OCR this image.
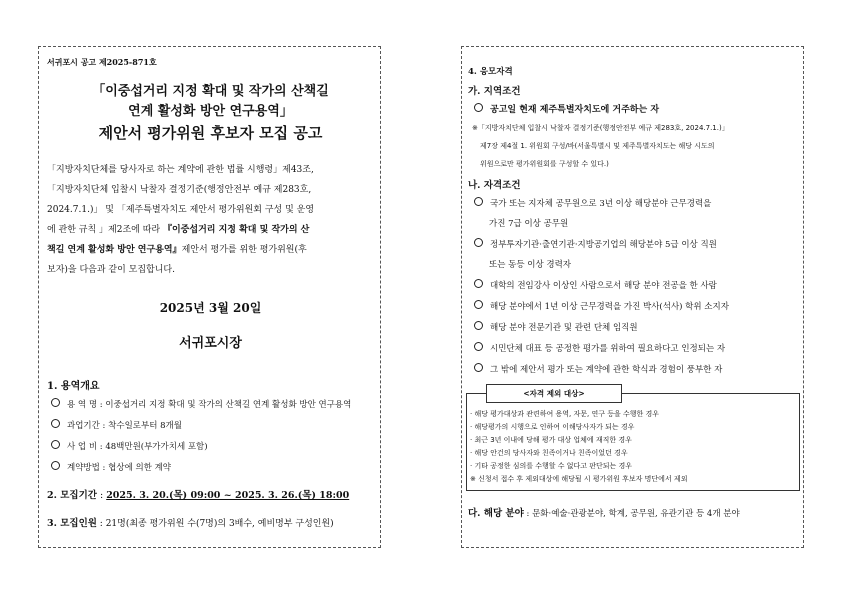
서귀포시 공고 제2025-871호
「이중섭거리 지정 확대 및 작가의 산책길
연계 활성화 방안 연구용역」
제안서 평가위원 후보자 모집 공고
「지방자치단체를 당사자로 하는 계약에 관한 법률 시행령」제43조,
「지방자치단체 입찰시 낙찰자 결정기준(행정안전부 예규 제283호,
2024.7.1.)」 및 「제주특별자치도 제안서 평가위원회 구성 및 운영
에 관한 규칙 」제2조에 따라 『이중섭거리 지정 확대 및 작가의 산
책길 연계 활성화 방안 연구용역』제안서 평가를 위한 평가위원(후
보자)을 다음과 같이 모집합니다.
2025년 3월 20일
서귀포시장
1. 용역개요
용 역 명 : 이중섭거리 지정 확대 및 작가의 산책길 연계 활성화 방안 연구용역
과업기간 : 착수일로부터 8개월
사 업 비 : 48백만원(부가가치세 포함)
계약방법 : 협상에 의한 계약
2. 모집기간 : 2025. 3. 20.(목) 09:00 ~ 2025. 3. 26.(목) 18:00
3. 모집인원 : 21명(최종 평가위원 수(7명)의 3배수, 예비명부 구성인원)
4. 응모자격
가. 지역조건
공고일 현재 제주특별자치도에 거주하는 자
※「지방자치단체 입찰시 낙찰자 결정기준(행정안전부 예규 제283호, 2024.7.1.)」
제7장 제4절 1. 위원회 구성/바(서울특별시 및 제주특별자치도는 해당 시도의
위원으로만 평가위원회를 구성할 수 있다.)
나. 자격조건
국가 또는 지자체 공무원으로 3년 이상 해당분야 근무경력을
가진 7급 이상 공무원
정부투자기관·출연기관·지방공기업의 해당분야 5급 이상 직원
또는 동등 이상 경력자
대학의 전임강사 이상인 사람으로서 해당 분야 전공을 한 사람
해당 분야에서 1년 이상 근무경력을 가진 박사(석사) 학위 소지자
해당 분야 전문기관 및 관련 단체 임직원
시민단체 대표 등 공정한 평가를 위하여 필요하다고 인정되는 자
그 밖에 제안서 평가 또는 계약에 관한 학식과 경험이 풍부한 자
<자격 제외 대상>
· 해당 평가대상과 관련하여 용역, 자문, 연구 등을 수행한 경우
· 해당평가의 시행으로 인하여 이해당사자가 되는 경우
· 최근 3년 이내에 당해 평가 대상 업체에 재직한 경우
· 해당 안건의 당사자와 친족이거나 친족이었던 경우
· 기타 공정한 심의를 수행할 수 없다고 판단되는 경우
※ 신청서 접수 후 제외대상에 해당될 시 평가위원 후보자 명단에서 제외
다. 해당 분야 : 문화·예술·관광분야, 학계, 공무원, 유관기관 등 4개 분야
